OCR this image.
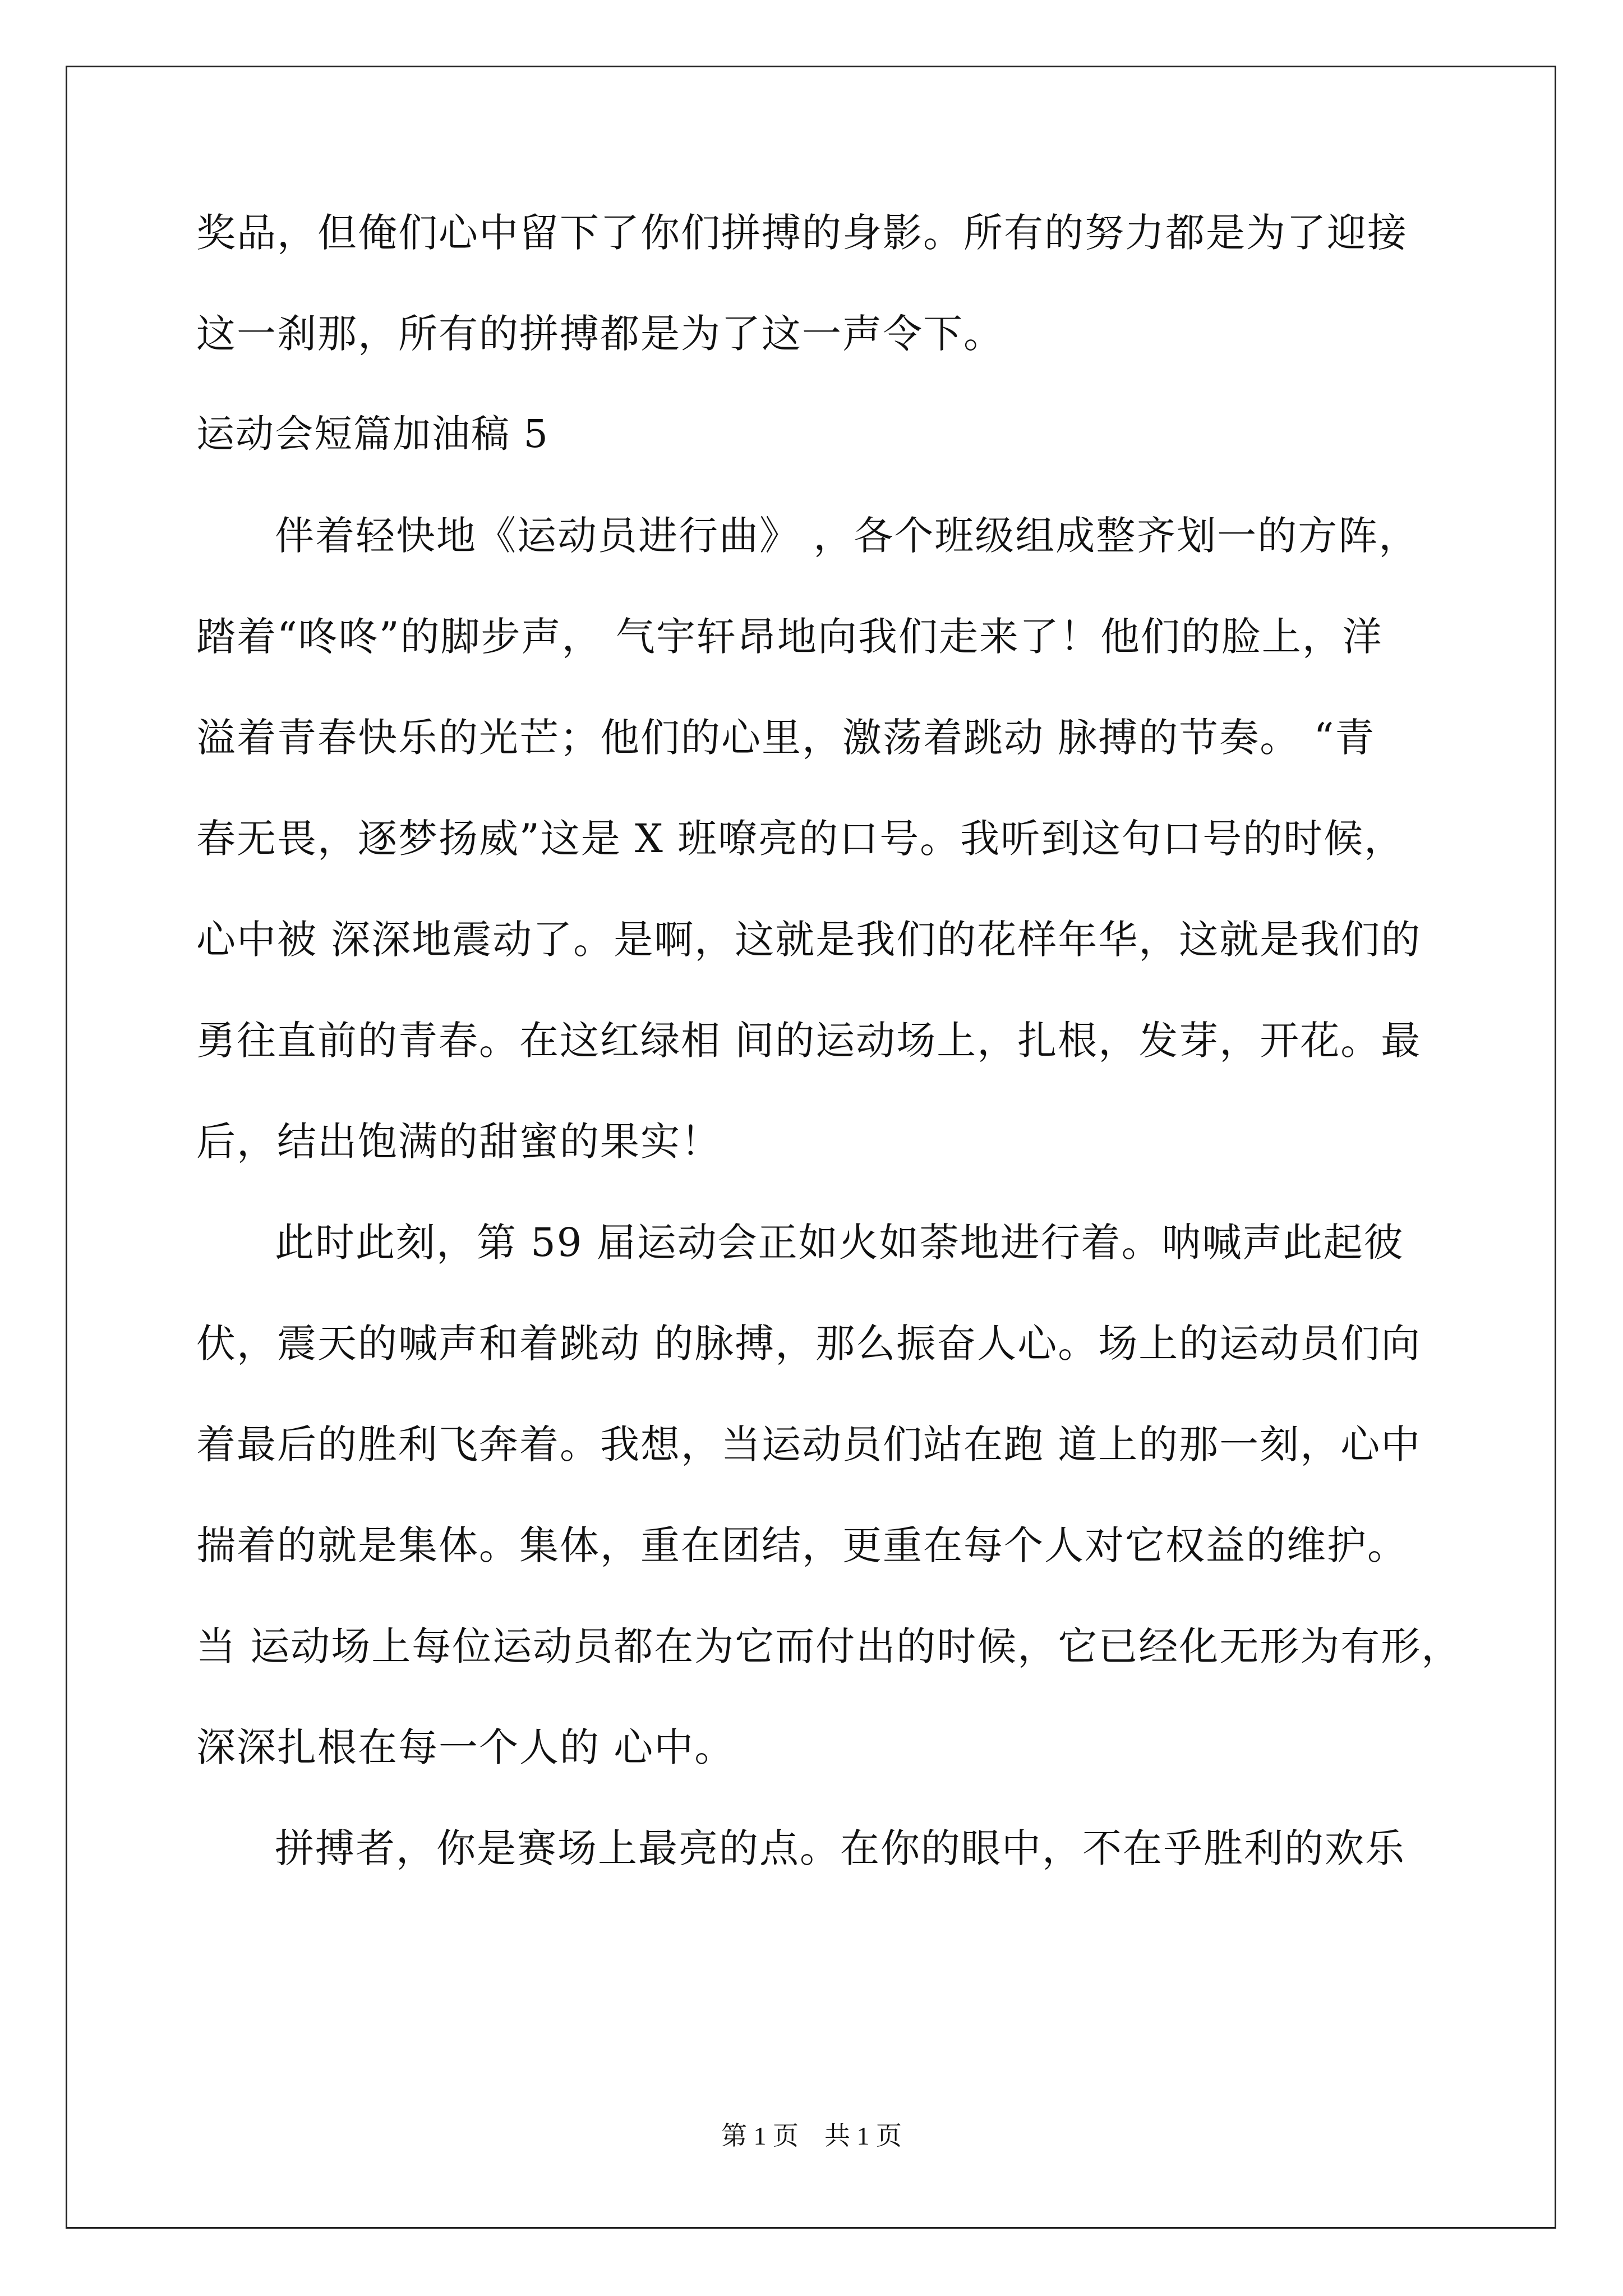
奖品，但俺们心中留下了你们拼搏的身影。所有的努力都是为了迎接
这一刹那，所有的拼搏都是为了这一声令下。
运动会短篇加油稿 5
伴着轻快地《运动员进行曲》 ，各个班级组成整齐划一的方阵，
踏着“咚咚”的脚步声， 气宇轩昂地向我们走来了！他们的脸上，洋
溢着青春快乐的光芒；他们的心里，激荡着跳动 脉搏的节奏。 “青
春无畏，逐梦扬威”这是 X 班嘹亮的口号。我听到这句口号的时候，
心中被 深深地震动了。是啊，这就是我们的花样年华，这就是我们的
勇往直前的青春。在这红绿相 间的运动场上，扎根，发芽，开花。最
后，结出饱满的甜蜜的果实！
此时此刻，第 59 届运动会正如火如荼地进行着。呐喊声此起彼
伏，震天的喊声和着跳动 的脉搏，那么振奋人心。场上的运动员们向
着最后的胜利飞奔着。我想，当运动员们站在跑 道上的那一刻，心中
揣着的就是集体。集体，重在团结，更重在每个人对它权益的维护。
当 运动场上每位运动员都在为它而付出的时候，它已经化无形为有形，
深深扎根在每一个人的 心中。
拼搏者，你是赛场上最亮的点。在你的眼中，不在乎胜利的欢乐
第 1 页　共 1 页
